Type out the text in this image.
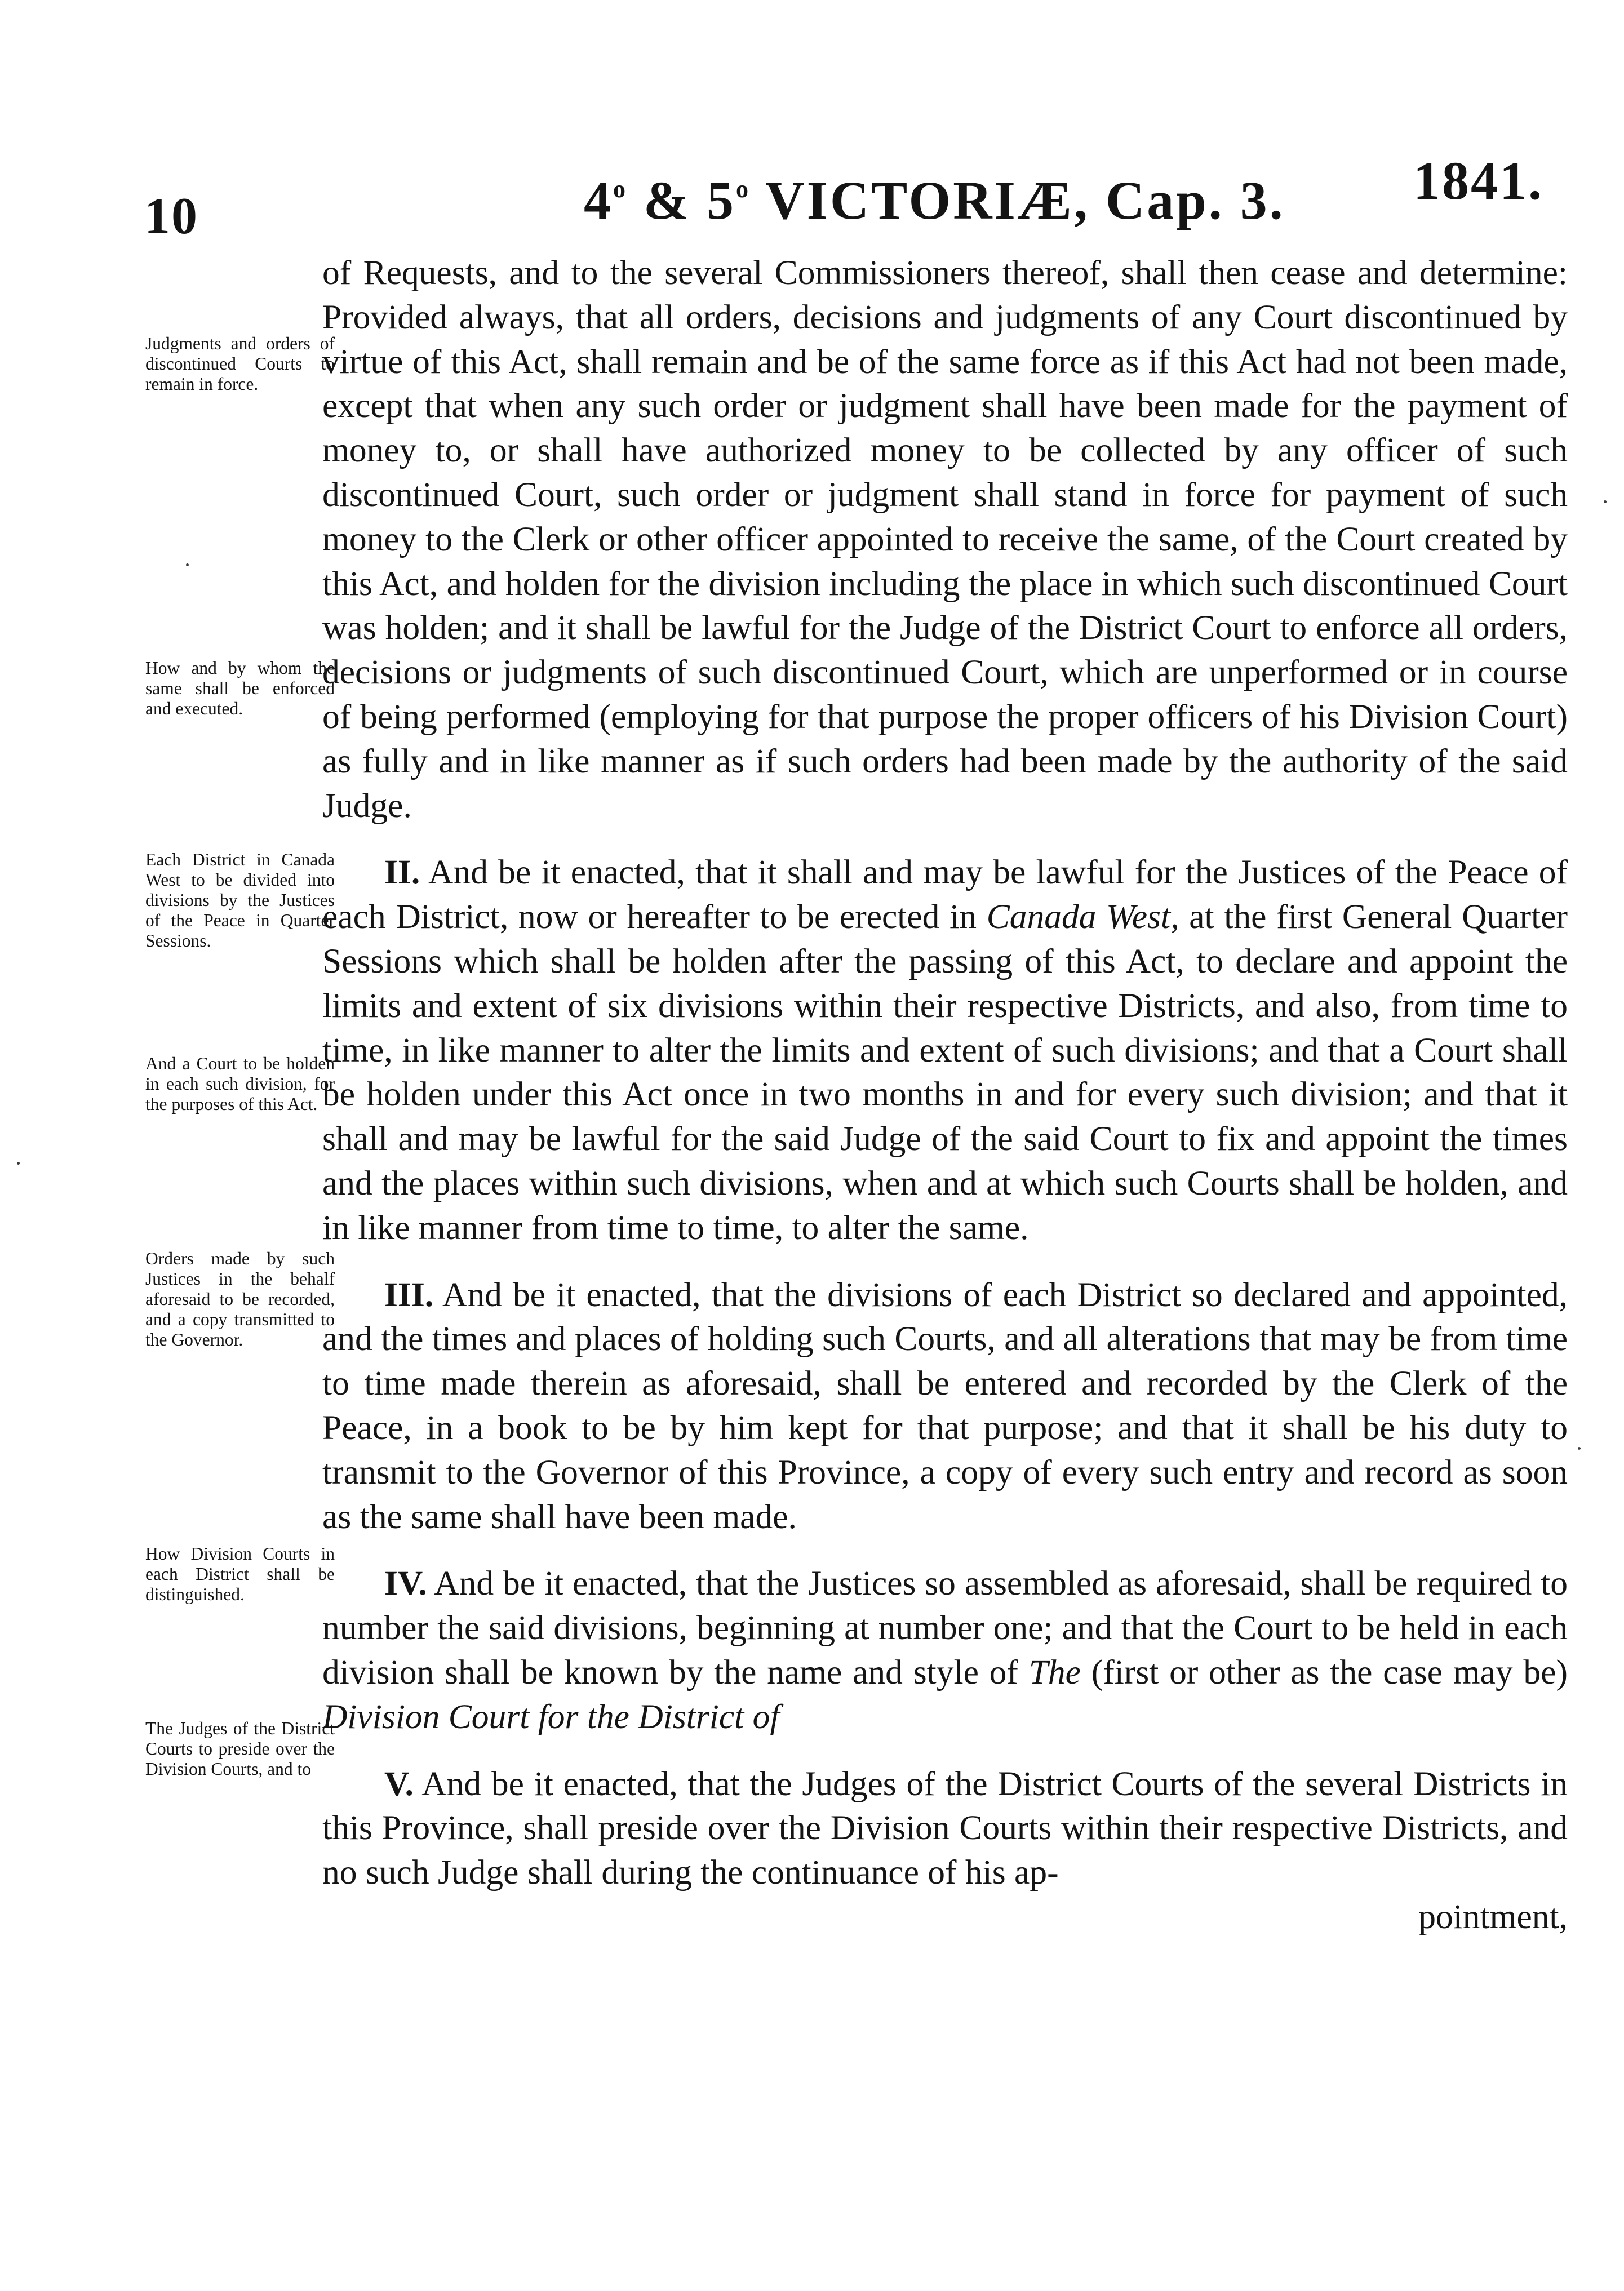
10	4$^o$ & 5$^o$ VICTORIÆ, Cap. 3. 1841.
Judgments and orders of discontinued Courts to remain in force.
How and by whom the same shall be enforced and executed.
Each District in Canada West to be divided into divisions by the Justices of the Peace in Quarter Sessions.
And a Court to be holden in each such division, for the purposes of this Act.
Orders made by such Justices in the behalf aforesaid to be recorded, and a copy transmitted to the Governor.
How Division Courts in each District shall be distinguished.
The Judges of the District Courts to preside over the Division Courts, and to

of Requests, and to the several Commissioners thereof, shall then cease and determine: Provided always, that all orders, decisions and judgments of any Court discontinued by virtue of this Act, shall remain and be of the same force as if this Act had not been made, except that when any such order or judgment shall have been made for the payment of money to, or shall have authorized money to be collected by any officer of such discontinued Court, such order or judgment shall stand in force for payment of such money to the Clerk or other officer appointed to receive the same, of the Court created by this Act, and holden for the division including the place in which such discontinued Court was holden; and it shall be lawful for the Judge of the District Court to enforce all orders, decisions or judgments of such discontinued Court, which are unperformed or in course of being performed (employing for that purpose the proper officers of his Division Court) as fully and in like manner as if such orders had been made by the authority of the said Judge.

II. And be it enacted, that it shall and may be lawful for the Justices of the Peace of each District, now or hereafter to be erected in Canada West, at the first General Quarter Sessions which shall be holden after the passing of this Act, to declare and appoint the limits and extent of six divisions within their respective Districts, and also, from time to time, in like manner to alter the limits and extent of such divisions; and that a Court shall be holden under this Act once in two months in and for every such division; and that it shall and may be lawful for the said Judge of the said Court to fix and appoint the times and the places within such divisions, when and at which such Courts shall be holden, and in like manner from time to time, to alter the same.

III. And be it enacted, that the divisions of each District so declared and appointed, and the times and places of holding such Courts, and all alterations that may be from time to time made therein as aforesaid, shall be entered and recorded by the Clerk of the Peace, in a book to be by him kept for that purpose; and that it shall be his duty to transmit to the Governor of this Province, a copy of every such entry and record as soon as the same shall have been made.

IV. And be it enacted, that the Justices so assembled as aforesaid, shall be required to number the said divisions, beginning at number one; and that the Court to be held in each division shall be known by the name and style of The (first or other as the case may be) Division Court for the District of

V. And be it enacted, that the Judges of the District Courts of the several Districts in this Province, shall preside over the Division Courts within their respective Districts, and no such Judge shall during the continuance of his ap-

pointment,
